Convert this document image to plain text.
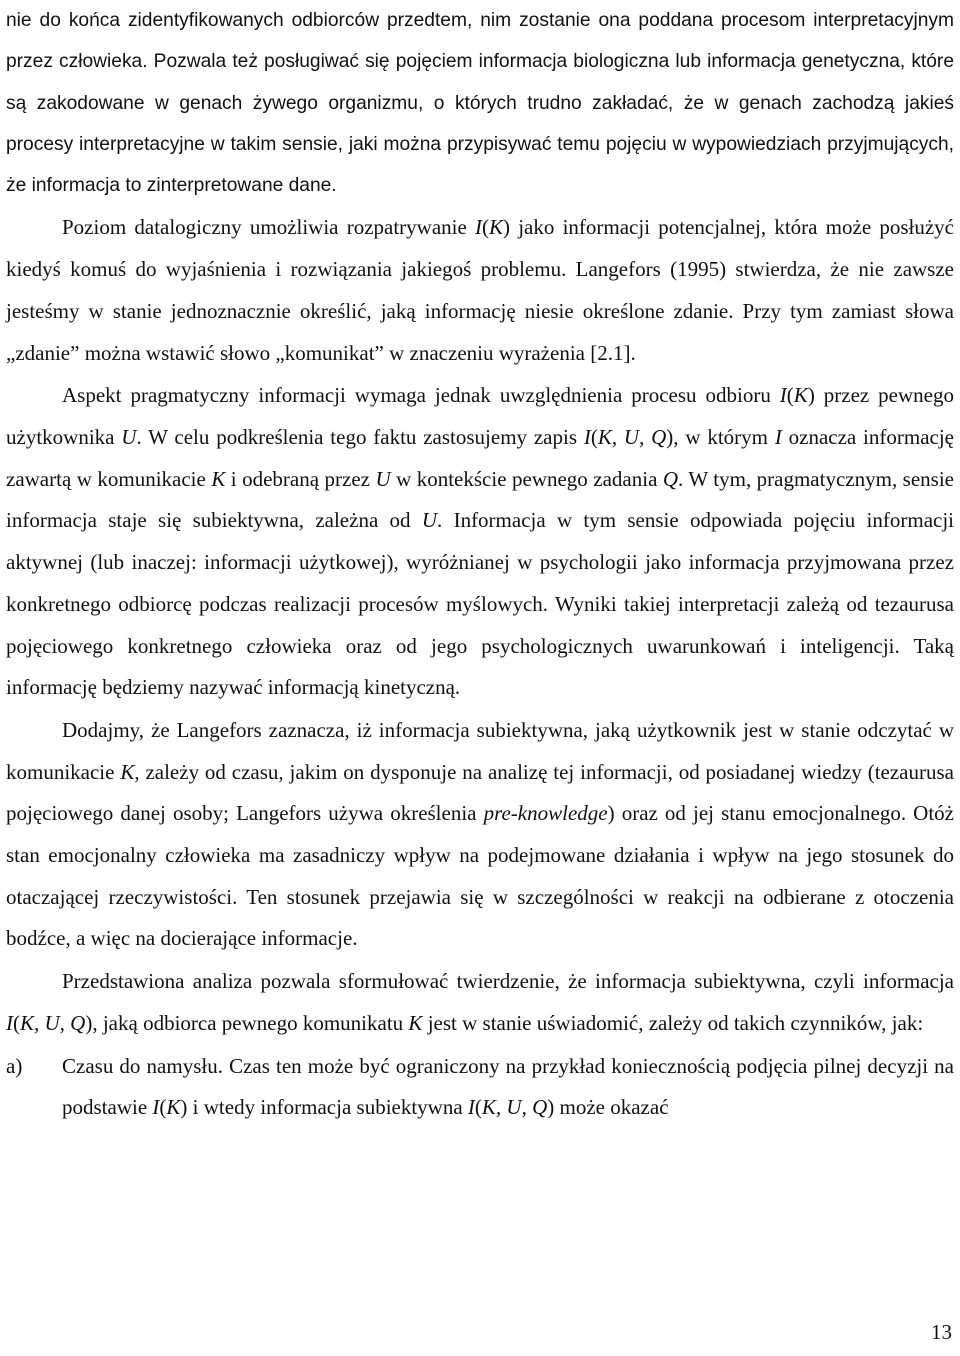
nie do końca zidentyfikowanych odbiorców przedtem, nim zostanie ona poddana procesom interpretacyjnym przez człowieka. Pozwala też posługiwać się pojęciem informacja biologiczna lub informacja genetyczna, które są zakodowane w genach żywego organizmu, o których trudno zakładać, że w genach zachodzą jakieś procesy interpretacyjne w takim sensie, jaki można przypisywać temu pojęciu w wypowiedziach przyjmujących, że informacja to zinterpretowane dane.

Poziom datalogiczny umożliwia rozpatrywanie I(K) jako informacji potencjalnej, która może posłużyć kiedyś komuś do wyjaśnienia i rozwiązania jakiegoś problemu. Langefors (1995) stwierdza, że nie zawsze jesteśmy w stanie jednoznacznie określić, jaką informację niesie określone zdanie. Przy tym zamiast słowa „zdanie” można wstawić słowo „komunikat” w znaczeniu wyrażenia [2.1].

Aspekt pragmatyczny informacji wymaga jednak uwzględnienia procesu odbioru I(K) przez pewnego użytkownika U. W celu podkreślenia tego faktu zastosujemy zapis I(K, U, Q), w którym I oznacza informację zawartą w komunikacie K i odebraną przez U w kontekście pewnego zadania Q. W tym, pragmatycznym, sensie informacja staje się subiektywna, zależna od U. Informacja w tym sensie odpowiada pojęciu informacji aktywnej (lub inaczej: informacji użytkowej), wyróżnianej w psychologii jako informacja przyjmowana przez konkretnego odbiorcę podczas realizacji procesów myślowych. Wyniki takiej interpretacji zależą od tezaurusa pojęciowego konkretnego człowieka oraz od jego psychologicznych uwarunkowań i inteligencji. Taką informację będziemy nazywać informacją kinetyczną.

Dodajmy, że Langefors zaznacza, iż informacja subiektywna, jaką użytkownik jest w stanie odczytać w komunikacie K, zależy od czasu, jakim on dysponuje na analizę tej informacji, od posiadanej wiedzy (tezaurusa pojęciowego danej osoby; Langefors używa określenia pre-knowledge) oraz od jej stanu emocjonalnego. Otóż stan emocjonalny człowieka ma zasadniczy wpływ na podejmowane działania i wpływ na jego stosunek do otaczającej rzeczywistości. Ten stosunek przejawia się w szczególności w reakcji na odbierane z otoczenia bodźce, a więc na docierające informacje.

Przedstawiona analiza pozwala sformułować twierdzenie, że informacja subiektywna, czyli informacja I(K, U, Q), jaką odbiorca pewnego komunikatu K jest w stanie uświadomić, zależy od takich czynników, jak:

a)	Czasu do namysłu. Czas ten może być ograniczony na przykład koniecznością podjęcia pilnej decyzji na podstawie I(K) i wtedy informacja subiektywna I(K, U, Q) może okazać
13
